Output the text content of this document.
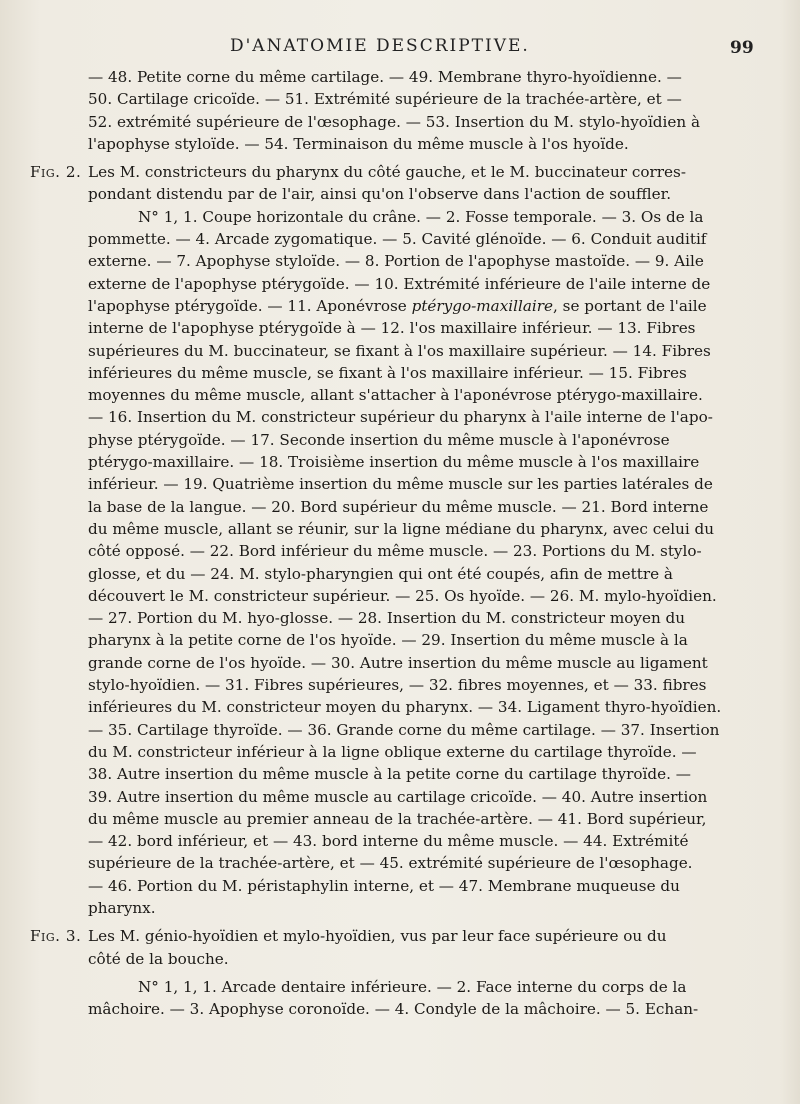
D'ANATOMIE DESCRIPTIVE.	99
— 48. Petite corne du même cartilage. — 49. Membrane thyro-hyoïdienne. —
50. Cartilage cricoïde. — 51. Extrémité supérieure de la trachée-artère, et —
52. extrémité supérieure de l'œsophage. — 53. Insertion du M. stylo-hyoïdien à
l'apophyse styloïde. — 54. Terminaison du même muscle à l'os hyoïde.
Fig. 2. Les M. constricteurs du pharynx du côté gauche, et le M. buccinateur corres-
pondant distendu par de l'air, ainsi qu'on l'observe dans l'action de souffler.
N° 1, 1. Coupe horizontale du crâne. — 2. Fosse temporale. — 3. Os de la
pommette. — 4. Arcade zygomatique. — 5. Cavité glénoïde. — 6. Conduit auditif
externe. — 7. Apophyse styloïde. — 8. Portion de l'apophyse mastoïde. — 9. Aile
externe de l'apophyse ptérygoïde. — 10. Extrémité inférieure de l'aile interne de
l'apophyse ptérygoïde. — 11. Aponévrose ptérygo-maxillaire, se portant de l'aile
interne de l'apophyse ptérygoïde à — 12. l'os maxillaire inférieur. — 13. Fibres
supérieures du M. buccinateur, se fixant à l'os maxillaire supérieur. — 14. Fibres
inférieures du même muscle, se fixant à l'os maxillaire inférieur. — 15. Fibres
moyennes du même muscle, allant s'attacher à l'aponévrose ptérygo-maxillaire.
— 16. Insertion du M. constricteur supérieur du pharynx à l'aile interne de l'apo-
physe ptérygoïde. — 17. Seconde insertion du même muscle à l'aponévrose
ptérygo-maxillaire. — 18. Troisième insertion du même muscle à l'os maxillaire
inférieur. — 19. Quatrième insertion du même muscle sur les parties latérales de
la base de la langue. — 20. Bord supérieur du même muscle. — 21. Bord interne
du même muscle, allant se réunir, sur la ligne médiane du pharynx, avec celui du
côté opposé. — 22. Bord inférieur du même muscle. — 23. Portions du M. stylo-
glosse, et du — 24. M. stylo-pharyngien qui ont été coupés, afin de mettre à
découvert le M. constricteur supérieur. — 25. Os hyoïde. — 26. M. mylo-hyoïdien.
— 27. Portion du M. hyo-glosse. — 28. Insertion du M. constricteur moyen du
pharynx à la petite corne de l'os hyoïde. — 29. Insertion du même muscle à la
grande corne de l'os hyoïde. — 30. Autre insertion du même muscle au ligament
stylo-hyoïdien. — 31. Fibres supérieures, — 32. fibres moyennes, et — 33. fibres
inférieures du M. constricteur moyen du pharynx. — 34. Ligament thyro-hyoïdien.
— 35. Cartilage thyroïde. — 36. Grande corne du même cartilage. — 37. Insertion
du M. constricteur inférieur à la ligne oblique externe du cartilage thyroïde. —
38. Autre insertion du même muscle à la petite corne du cartilage thyroïde. —
39. Autre insertion du même muscle au cartilage cricoïde. — 40. Autre insertion
du même muscle au premier anneau de la trachée-artère. — 41. Bord supérieur,
— 42. bord inférieur, et — 43. bord interne du même muscle. — 44. Extrémité
supérieure de la trachée-artère, et — 45. extrémité supérieure de l'œsophage.
— 46. Portion du M. péristaphylin interne, et — 47. Membrane muqueuse du
pharynx.
Fig. 3. Les M. génio-hyoïdien et mylo-hyoïdien, vus par leur face supérieure ou du
côté de la bouche.
N° 1, 1, 1. Arcade dentaire inférieure. — 2. Face interne du corps de la
mâchoire. — 3. Apophyse coronoïde. — 4. Condyle de la mâchoire. — 5. Echan-
